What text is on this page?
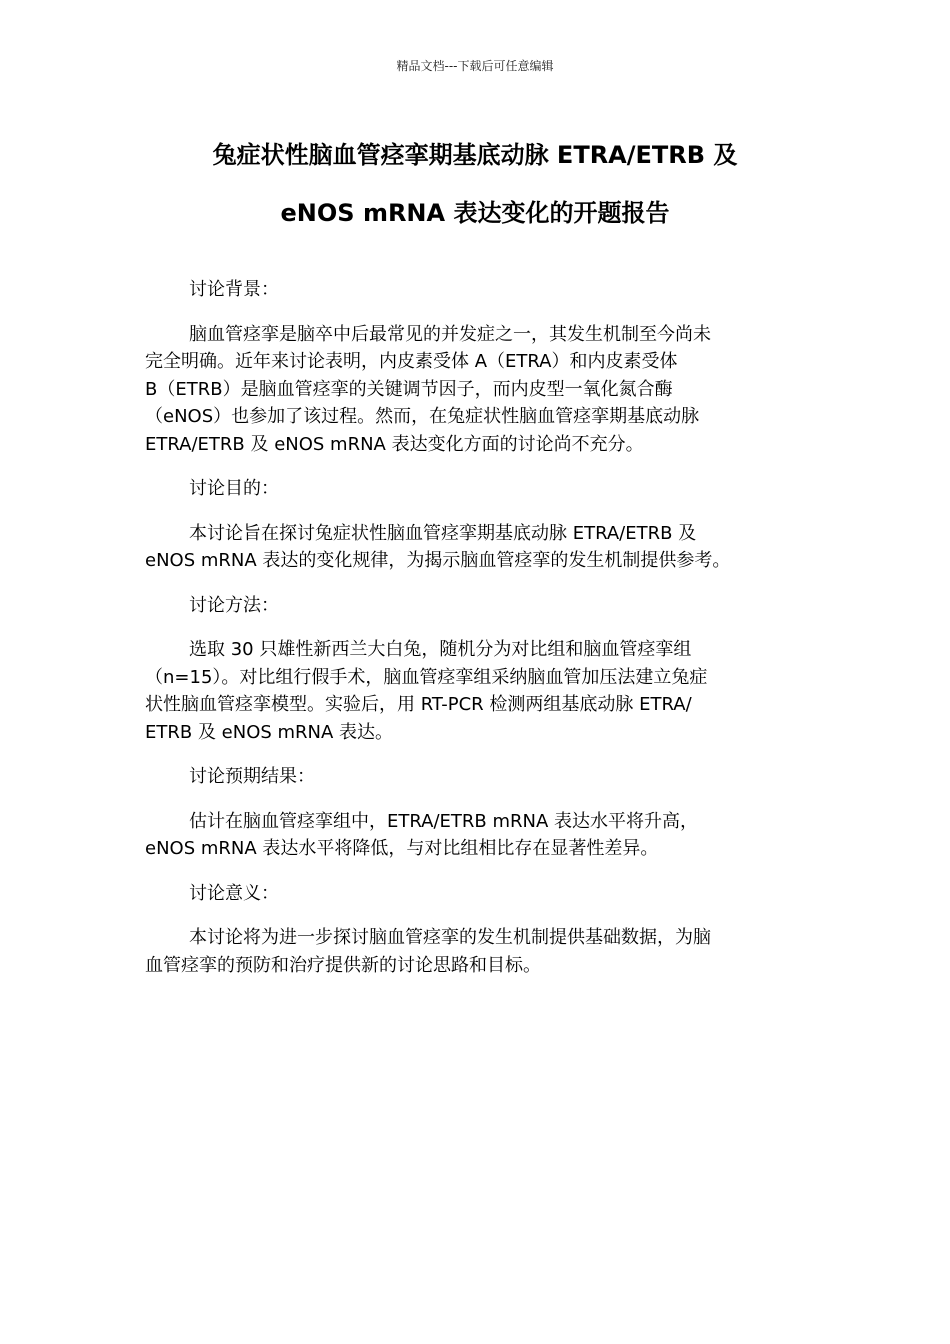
精品文档---下载后可任意编辑
兔症状性脑血管痉挛期基底动脉 ETRA/ETRB 及
eNOS mRNA 表达变化的开题报告
讨论背景：
脑血管痉挛是脑卒中后最常见的并发症之一，其发生机制至今尚未
完全明确。近年来讨论表明，内皮素受体 A（ETRA）和内皮素受体
B（ETRB）是脑血管痉挛的关键调节因子，而内皮型一氧化氮合酶
（eNOS）也参加了该过程。然而，在兔症状性脑血管痉挛期基底动脉
ETRA/ETRB 及 eNOS mRNA 表达变化方面的讨论尚不充分。
讨论目的：
本讨论旨在探讨兔症状性脑血管痉挛期基底动脉 ETRA/ETRB 及
eNOS mRNA 表达的变化规律，为揭示脑血管痉挛的发生机制提供参考。
讨论方法：
选取 30 只雄性新西兰大白兔，随机分为对比组和脑血管痉挛组
（n=15）。对比组行假手术，脑血管痉挛组采纳脑血管加压法建立兔症
状性脑血管痉挛模型。实验后，用 RT-PCR 检测两组基底动脉 ETRA/
ETRB 及 eNOS mRNA 表达。
讨论预期结果：
估计在脑血管痉挛组中，ETRA/ETRB mRNA 表达水平将升高，
eNOS mRNA 表达水平将降低，与对比组相比存在显著性差异。
讨论意义：
本讨论将为进一步探讨脑血管痉挛的发生机制提供基础数据，为脑
血管痉挛的预防和治疗提供新的讨论思路和目标。
